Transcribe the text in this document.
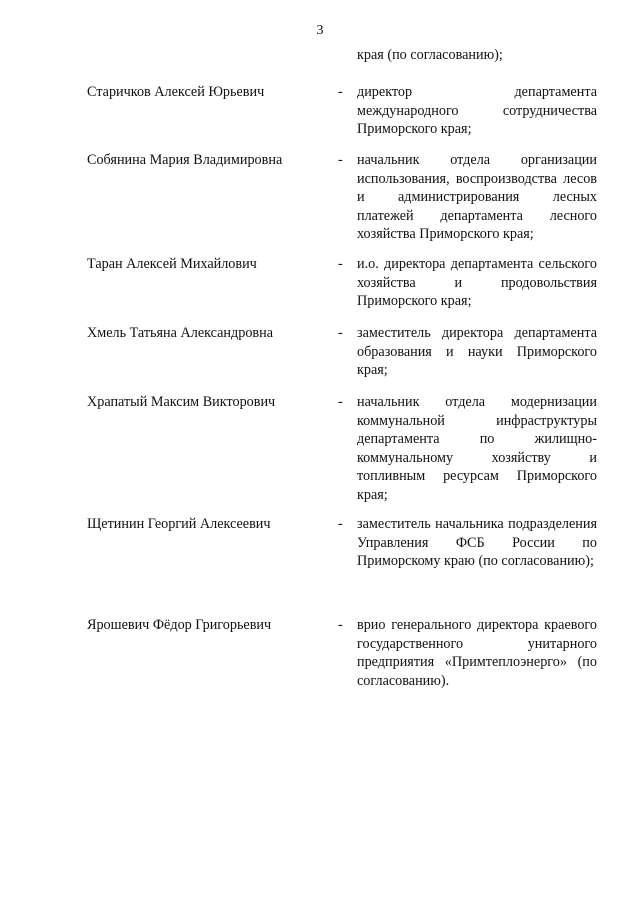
3
края (по согласованию);
Старичков Алексей Юрьевич	-	директор департамента международного сотрудничества Приморского края;
Собянина Мария Владимировна	-	начальник отдела организации использования, воспроизводства лесов и администрирования лесных платежей департамента лесного хозяйства Приморского края;
Таран Алексей Михайлович	-	и.о. директора департамента сельского хозяйства и продовольствия Приморского края;
Хмель Татьяна Александровна	-	заместитель директора департамента образования и науки Приморского края;
Храпатый Максим Викторович	-	начальник отдела модернизации коммунальной инфраструктуры департамента по жилищно-коммунальному хозяйству и топливным ресурсам Приморского края;
Щетинин Георгий Алексеевич	-	заместитель начальника подразделения Управления ФСБ России по Приморскому краю (по согласованию);
Ярошевич Фёдор Григорьевич	-	врио генерального директора краевого государственного унитарного предприятия «Примтеплоэнерго» (по согласованию).
